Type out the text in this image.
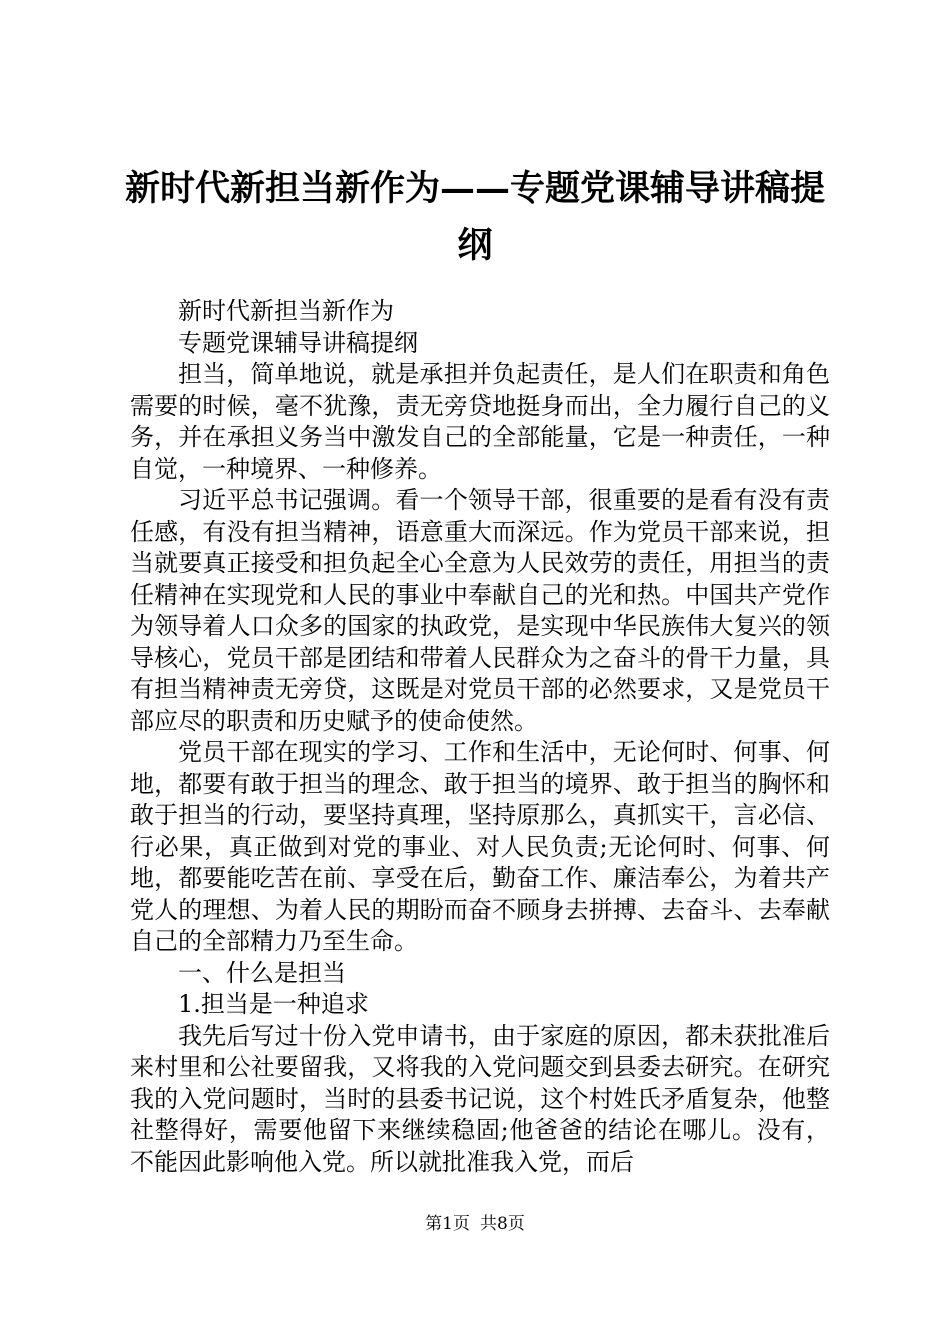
新时代新担当新作为——专题党课辅导讲稿提纲

新时代新担当新作为

专题党课辅导讲稿提纲

担当，简单地说，就是承担并负起责任，是人们在职责和角色需要的时候，毫不犹豫，责无旁贷地挺身而出，全力履行自己的义务，并在承担义务当中激发自己的全部能量，它是一种责任，一种自觉，一种境界、一种修养。

习近平总书记强调。看一个领导干部，很重要的是看有没有责任感，有没有担当精神，语意重大而深远。作为党员干部来说，担当就要真正接受和担负起全心全意为人民效劳的责任，用担当的责任精神在实现党和人民的事业中奉献自己的光和热。中国共产党作为领导着人口众多的国家的执政党，是实现中华民族伟大复兴的领导核心，党员干部是团结和带着人民群众为之奋斗的骨干力量，具有担当精神责无旁贷，这既是对党员干部的必然要求，又是党员干部应尽的职责和历史赋予的使命使然。

党员干部在现实的学习、工作和生活中，无论何时、何事、何地，都要有敢于担当的理念、敢于担当的境界、敢于担当的胸怀和敢于担当的行动，要坚持真理，坚持原那么，真抓实干，言必信、行必果，真正做到对党的事业、对人民负责;无论何时、何事、何地，都要能吃苦在前、享受在后，勤奋工作、廉洁奉公，为着共产党人的理想、为着人民的期盼而奋不顾身去拼搏、去奋斗、去奉献自己的全部精力乃至生命。

一、什么是担当

1.担当是一种追求

我先后写过十份入党申请书，由于家庭的原因，都未获批准后来村里和公社要留我，又将我的入党问题交到县委去研究。在研究我的入党问题时，当时的县委书记说，这个村姓氏矛盾复杂，他整社整得好，需要他留下来继续稳固;他爸爸的结论在哪儿。没有，不能因此影响他入党。所以就批准我入党，而后

第1页 共8页
